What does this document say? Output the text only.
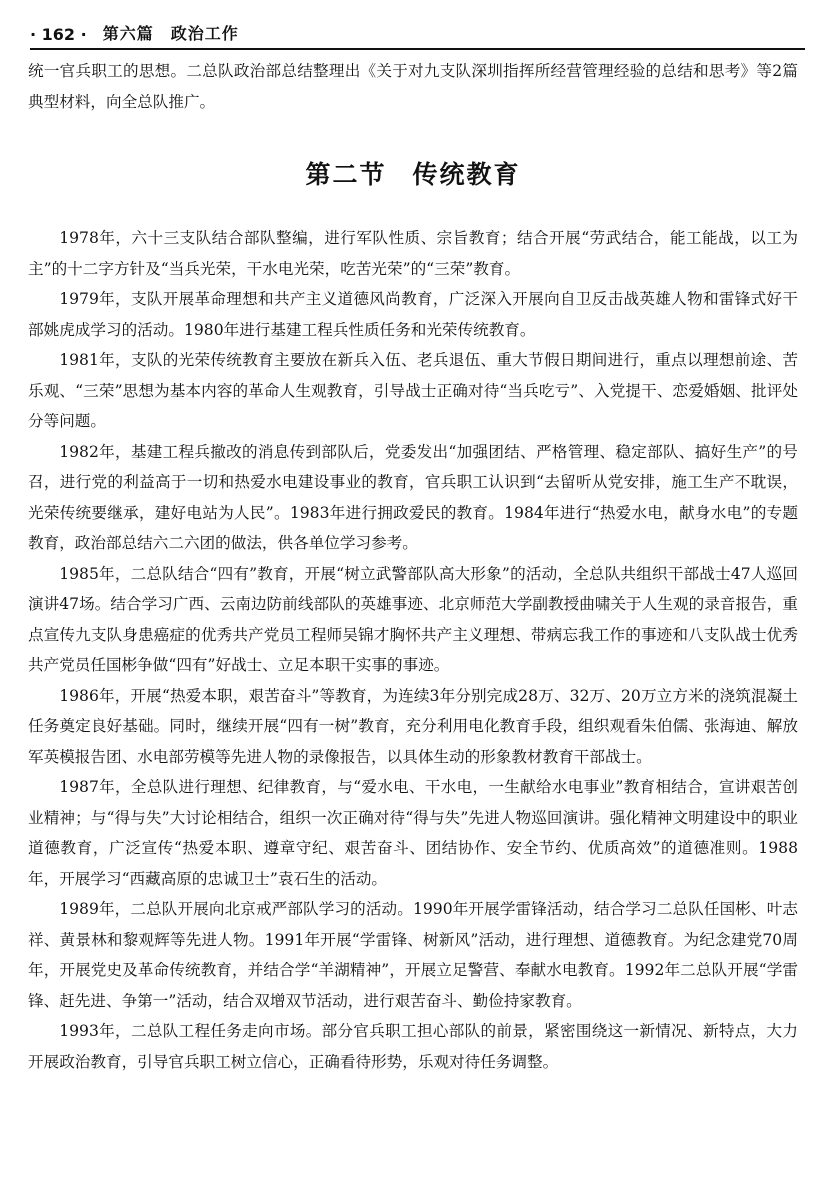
· 162 · 第六篇　政治工作

统一官兵职工的思想。二总队政治部总结整理出《关于对九支队深圳指挥所经营管理经验的总结和思考》等2篇典型材料，向全总队推广。

第二节 传统教育

1978年，六十三支队结合部队整编，进行军队性质、宗旨教育；结合开展“劳武结合，能工能战，以工为主”的十二字方针及“当兵光荣，干水电光荣，吃苦光荣”的“三荣”教育。

1979年，支队开展革命理想和共产主义道德风尚教育，广泛深入开展向自卫反击战英雄人物和雷锋式好干部姚虎成学习的活动。1980年进行基建工程兵性质任务和光荣传统教育。

1981年，支队的光荣传统教育主要放在新兵入伍、老兵退伍、重大节假日期间进行，重点以理想前途、苦乐观、“三荣”思想为基本内容的革命人生观教育，引导战士正确对待“当兵吃亏”、入党提干、恋爱婚姻、批评处分等问题。

1982年，基建工程兵撤改的消息传到部队后，党委发出“加强团结、严格管理、稳定部队、搞好生产”的号召，进行党的利益高于一切和热爱水电建设事业的教育，官兵职工认识到“去留听从党安排，施工生产不耽误，光荣传统要继承，建好电站为人民”。1983年进行拥政爱民的教育。1984年进行“热爱水电，献身水电”的专题教育，政治部总结六二六团的做法，供各单位学习参考。

1985年，二总队结合“四有”教育，开展“树立武警部队高大形象”的活动，全总队共组织干部战士47人巡回演讲47场。结合学习广西、云南边防前线部队的英雄事迹、北京师范大学副教授曲啸关于人生观的录音报告，重点宣传九支队身患癌症的优秀共产党员工程师吴锦才胸怀共产主义理想、带病忘我工作的事迹和八支队战士优秀共产党员任国彬争做“四有”好战士、立足本职干实事的事迹。

1986年，开展“热爱本职，艰苦奋斗”等教育，为连续3年分别完成28万、32万、20万立方米的浇筑混凝土任务奠定良好基础。同时，继续开展“四有一树”教育，充分利用电化教育手段，组织观看朱伯儒、张海迪、解放军英模报告团、水电部劳模等先进人物的录像报告，以具体生动的形象教材教育干部战士。

1987年，全总队进行理想、纪律教育，与“爱水电、干水电，一生献给水电事业”教育相结合，宣讲艰苦创业精神；与“得与失”大讨论相结合，组织一次正确对待“得与失”先进人物巡回演讲。强化精神文明建设中的职业道德教育，广泛宣传“热爱本职、遵章守纪、艰苦奋斗、团结协作、安全节约、优质高效”的道德准则。1988年，开展学习“西藏高原的忠诚卫士”袁石生的活动。

1989年，二总队开展向北京戒严部队学习的活动。1990年开展学雷锋活动，结合学习二总队任国彬、叶志祥、黄景林和黎观辉等先进人物。1991年开展“学雷锋、树新风”活动，进行理想、道德教育。为纪念建党70周年，开展党史及革命传统教育，并结合学“羊湖精神”，开展立足警营、奉献水电教育。1992年二总队开展“学雷锋、赶先进、争第一”活动，结合双增双节活动，进行艰苦奋斗、勤俭持家教育。

1993年，二总队工程任务走向市场。部分官兵职工担心部队的前景，紧密围绕这一新情况、新特点，大力开展政治教育，引导官兵职工树立信心，正确看待形势，乐观对待任务调整。
